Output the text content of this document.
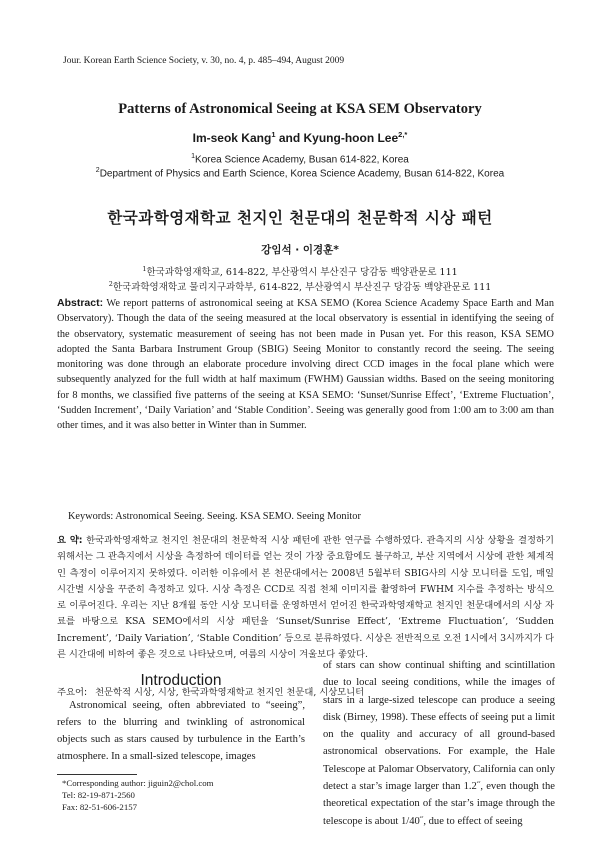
Jour. Korean Earth Science Society, v. 30, no. 4, p. 485–494, August 2009
Patterns of Astronomical Seeing at KSA SEM Observatory
Im-seok Kang$^1$ and Kyung-hoon Lee$^{2,*}$
$^1$Korea Science Academy, Busan 614-822, Korea
$^2$Department of Physics and Earth Science, Korea Science Academy, Busan 614-822, Korea
한국과학영재학교 천지인 천문대의 천문학적 시상 패턴
강임석 · 이경훈*
$^1$한국과학영재학교, 614-822, 부산광역시 부산진구 당감동 백양관문로 111
$^2$한국과학영재학교 물리지구과학부, 614-822, 부산광역시 부산진구 당감동 백양관문로 111
Abstract: We report patterns of astronomical seeing at KSA SEMO (Korea Science Academy Space Earth and Man Observatory). Though the data of the seeing measured at the local observatory is essential in identifying the seeing of the observatory, systematic measurement of seeing has not been made in Pusan yet. For this reason, KSA SEMO adopted the Santa Barbara Instrument Group (SBIG) Seeing Monitor to constantly record the seeing. The seeing monitoring was done through an elaborate procedure involving direct CCD images in the focal plane which were subsequently analyzed for the full width at half maximum (FWHM) Gaussian widths. Based on the seeing monitoring for 8 months, we classified five patterns of the seeing at KSA SEMO: ‘Sunset/Sunrise Effect’, ‘Extreme Fluctuation’, ‘Sudden Increment’, ‘Daily Variation’ and ‘Stable Condition’. Seeing was generally good from 1:00 am to 3:00 am than other times, and it was also better in Winter than in Summer.
Keywords: Astronomical Seeing. Seeing. KSA SEMO. Seeing Monitor
요 약: 한국과학영재학교 천지인 천문대의 천문학적 시상 패턴에 관한 연구를 수행하였다. 관측지의 시상 상황을 결정하기 위해서는 그 관측지에서 시상을 측정하여 데이터를 얻는 것이 가장 중요함에도 불구하고, 부산 지역에서 시상에 관한 체계적인 측정이 이루어지지 못하였다. 이러한 이유에서 본 천문대에서는 2008년 5월부터 SBIG사의 시상 모니터를 도입, 매일 시간별 시상을 꾸준히 측정하고 있다. 시상 측정은 CCD로 직접 천체 이미지를 촬영하여 FWHM 지수를 추정하는 방식으로 이루어진다. 우리는 지난 8개월 동안 시상 모니터를 운영하면서 얻어진 한국과학영재학교 천지인 천문대에서의 시상 자료를 바탕으로 KSA SEMO에서의 시상 패턴을 ‘Sunset/Sunrise Effect’, ‘Extreme Fluctuation’, ‘Sudden Increment’, ‘Daily Variation’, ‘Stable Condition’ 등으로 분류하였다. 시상은 전반적으로 오전 1시에서 3시까지가 다른 시간대에 비하여 좋은 것으로 나타났으며, 여름의 시상이 겨울보다 좋았다.
주요어: 천문학적 시상, 시상, 한국과학영재학교 천지인 천문대, 시상모니터
Introduction
Astronomical seeing, often abbreviated to “seeing”, refers to the blurring and twinkling of astronomical objects such as stars caused by turbulence in the Earth’s atmosphere. In a small-sized telescope, images
of stars can show continual shifting and scintillation due to local seeing conditions, while the images of stars in a large-sized telescope can produce a seeing disk (Birney, 1998). These effects of seeing put a limit on the quality and accuracy of all ground-based astronomical observations. For example, the Hale Telescope at Palomar Observatory, California can only detect a star’s image larger than 1.2˝, even though the theoretical expectation of the star’s image through the telescope is about 1/40˝, due to effect of seeing
*Corresponding author: jiguin2@chol.com
Tel: 82-19-871-2560
Fax: 82-51-606-2157
